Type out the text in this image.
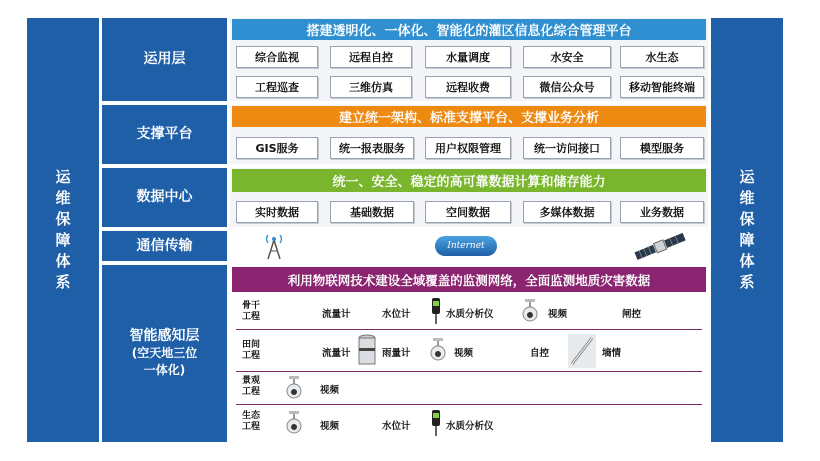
运
维
保
障
体
系
运
维
保
障
体
系
运用层
支撑平台
数据中心
通信传输
智能感知层
(空天地三位
一体化)
搭建透明化、一体化、智能化的灌区信息化综合管理平台
综合监视	远程自控	水量调度	水安全	水生态
工程巡查	三维仿真	远程收费	微信公众号	移动智能终端
建立统一架构、标准支撑平台、支撑业务分析
GIS服务	统一报表服务	用户权限管理	统一访问接口	模型服务
统一、安全、稳定的高可靠数据计算和储存能力
实时数据	基础数据	空间数据	多媒体数据	业务数据
Internet
利用物联网技术建设全域覆盖的监测网络，全面监测地质灾害数据
骨干
工程	流量计	水位计	水质分析仪	视频	闸控
田间
工程	流量计	雨量计	视频	自控	墒情
景观
工程	视频
生态
工程	视频	水位计	水质分析仪
